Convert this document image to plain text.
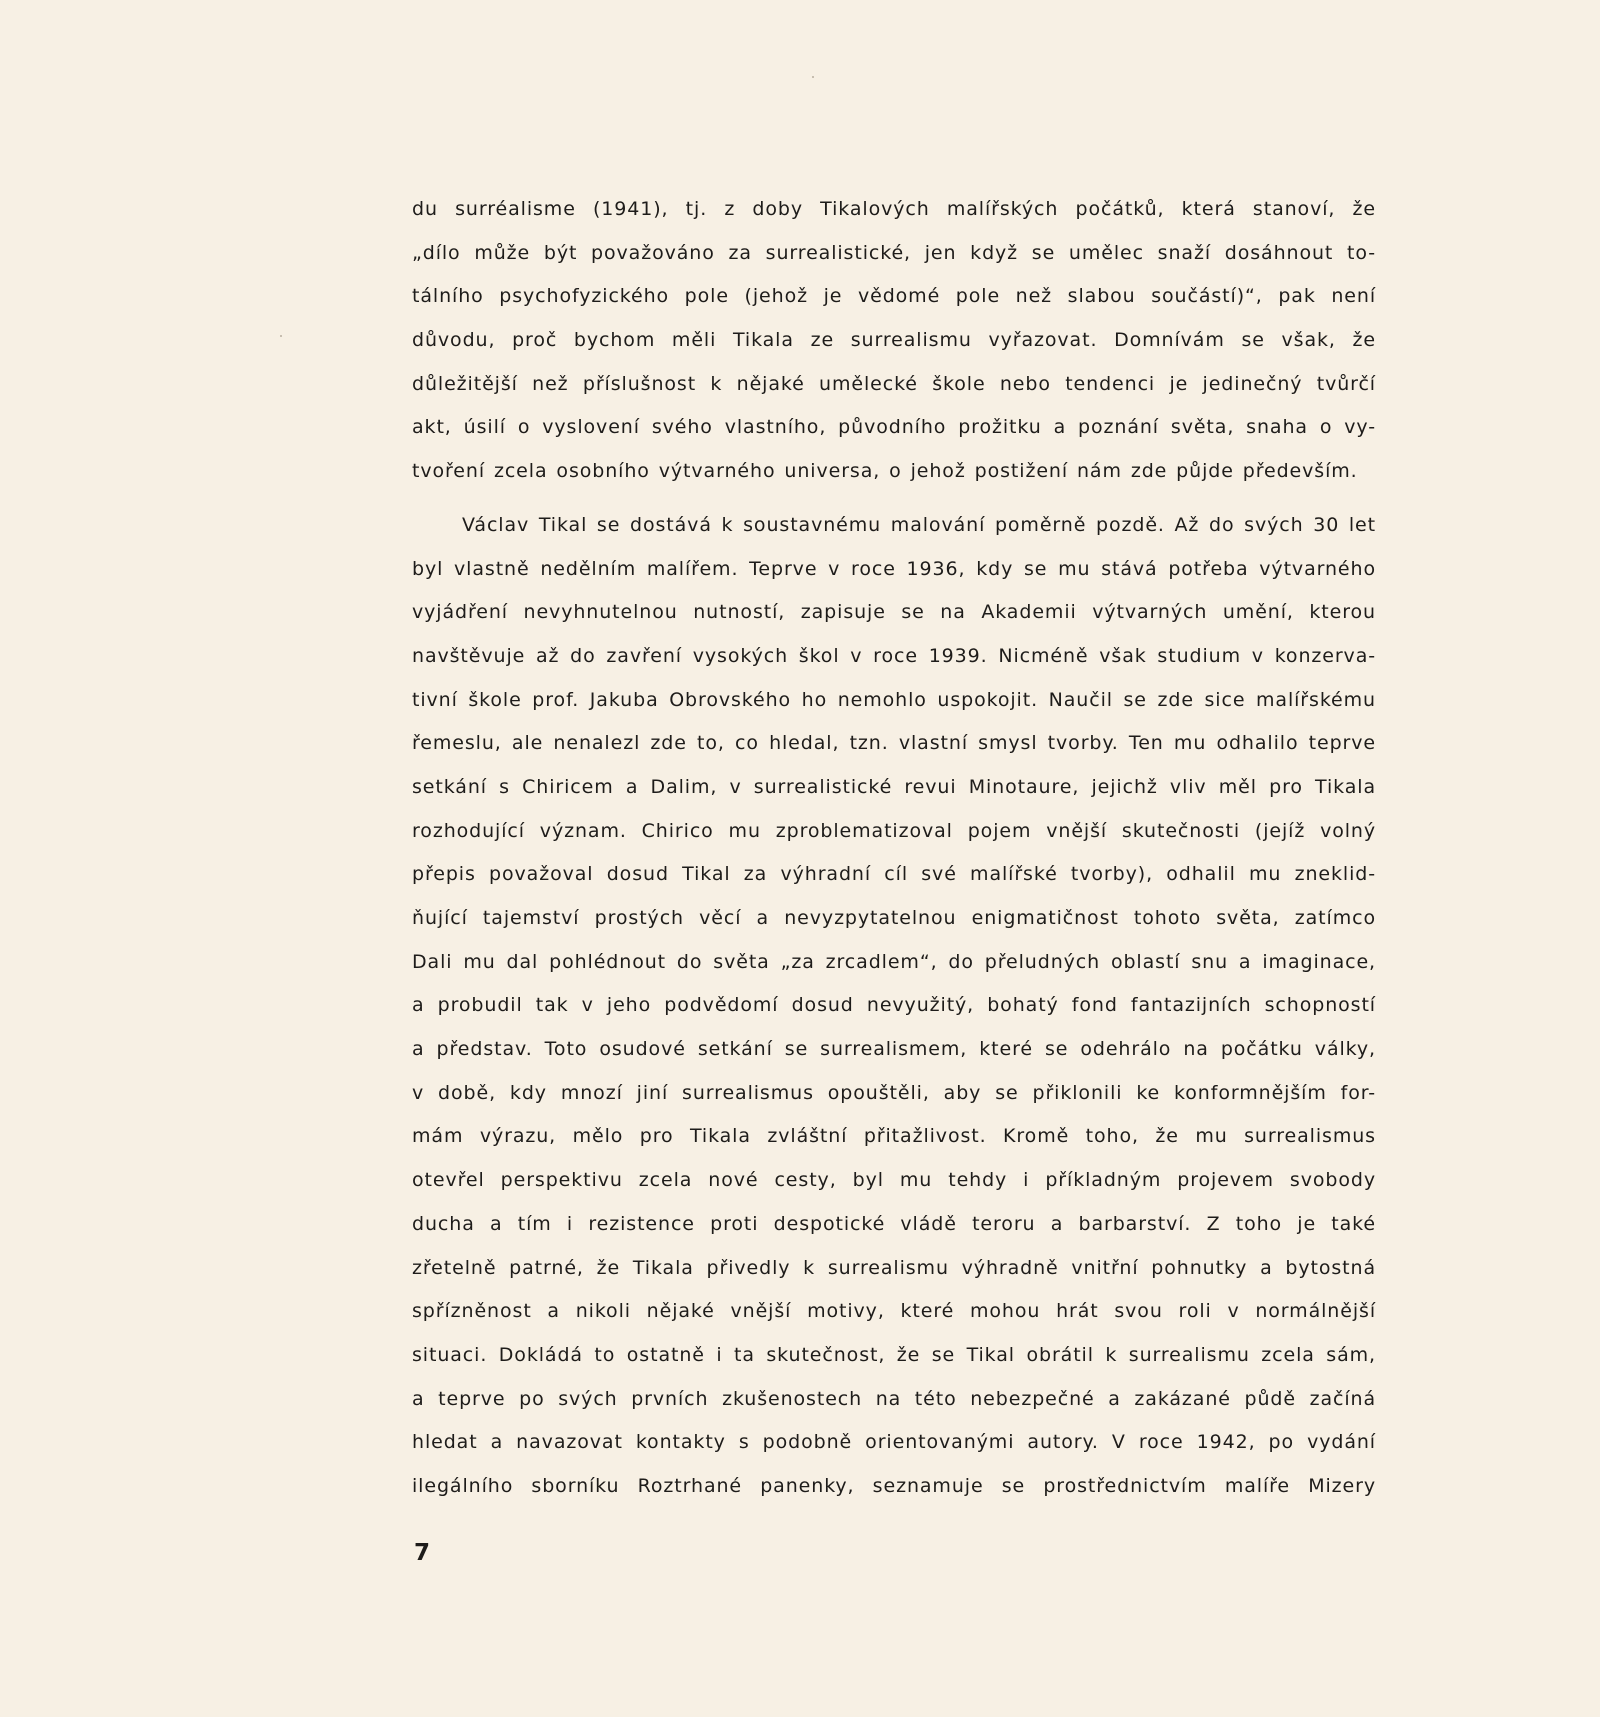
du surréalisme (1941), tj. z doby Tikalových malířských počátků, která stanoví, že
„dílo může být považováno za surrealistické, jen když se umělec snaží dosáhnout to-
tálního psychofyzického pole (jehož je vědomé pole než slabou součástí)“, pak není
důvodu, proč bychom měli Tikala ze surrealismu vyřazovat. Domnívám se však, že
důležitější než příslušnost k nějaké umělecké škole nebo tendenci je jedinečný tvůrčí
akt, úsilí o vyslovení svého vlastního, původního prožitku a poznání světa, snaha o vy-
tvoření zcela osobního výtvarného universa, o jehož postižení nám zde půjde především.
Václav Tikal se dostává k soustavnému malování poměrně pozdě. Až do svých 30 let
byl vlastně nedělním malířem. Teprve v roce 1936, kdy se mu stává potřeba výtvarného
vyjádření nevyhnutelnou nutností, zapisuje se na Akademii výtvarných umění, kterou
navštěvuje až do zavření vysokých škol v roce 1939. Nicméně však studium v konzerva-
tivní škole prof. Jakuba Obrovského ho nemohlo uspokojit. Naučil se zde sice malířskému
řemeslu, ale nenalezl zde to, co hledal, tzn. vlastní smysl tvorby. Ten mu odhalilo teprve
setkání s Chiricem a Dalim, v surrealistické revui Minotaure, jejichž vliv měl pro Tikala
rozhodující význam. Chirico mu zproblematizoval pojem vnější skutečnosti (jejíž volný
přepis považoval dosud Tikal za výhradní cíl své malířské tvorby), odhalil mu zneklid-
ňující tajemství prostých věcí a nevyzpytatelnou enigmatičnost tohoto světa, zatímco
Dali mu dal pohlédnout do světa „za zrcadlem“, do přeludných oblastí snu a imaginace,
a probudil tak v jeho podvědomí dosud nevyužitý, bohatý fond fantazijních schopností
a představ. Toto osudové setkání se surrealismem, které se odehrálo na počátku války,
v době, kdy mnozí jiní surrealismus opouštěli, aby se přiklonili ke konformnějším for-
mám výrazu, mělo pro Tikala zvláštní přitažlivost. Kromě toho, že mu surrealismus
otevřel perspektivu zcela nové cesty, byl mu tehdy i příkladným projevem svobody
ducha a tím i rezistence proti despotické vládě teroru a barbarství. Z toho je také
zřetelně patrné, že Tikala přivedly k surrealismu výhradně vnitřní pohnutky a bytostná
spřízněnost a nikoli nějaké vnější motivy, které mohou hrát svou roli v normálnější
situaci. Dokládá to ostatně i ta skutečnost, že se Tikal obrátil k surrealismu zcela sám,
a teprve po svých prvních zkušenostech na této nebezpečné a zakázané půdě začíná
hledat a navazovat kontakty s podobně orientovanými autory. V roce 1942, po vydání
ilegálního sborníku Roztrhané panenky, seznamuje se prostřednictvím malíře Mizery
7
